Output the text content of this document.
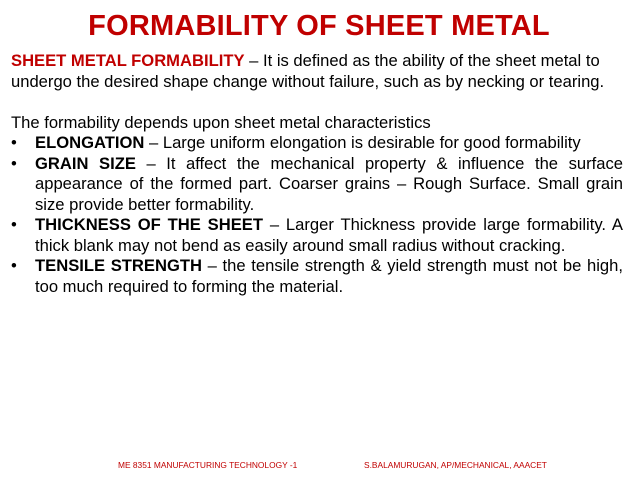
FORMABILITY OF SHEET METAL

SHEET METAL FORMABILITY – It is defined as the ability of the sheet metal to undergo the desired shape change without failure, such as by necking or tearing.

The formability depends upon sheet metal characteristics

•	ELONGATION – Large uniform elongation is desirable for good formability
•	GRAIN SIZE – It affect the mechanical property & influence the surface appearance of the formed part. Coarser grains – Rough Surface. Small grain size provide better formability.
•	THICKNESS OF THE SHEET – Larger Thickness provide large formability. A thick blank may not bend as easily around small radius without cracking.
•	TENSILE STRENGTH – the tensile strength & yield strength must not be high, too much required to forming the material.
ME 8351 MANUFACTURING TECHNOLOGY -1	S.BALAMURUGAN, AP/MECHANICAL, AAACET
